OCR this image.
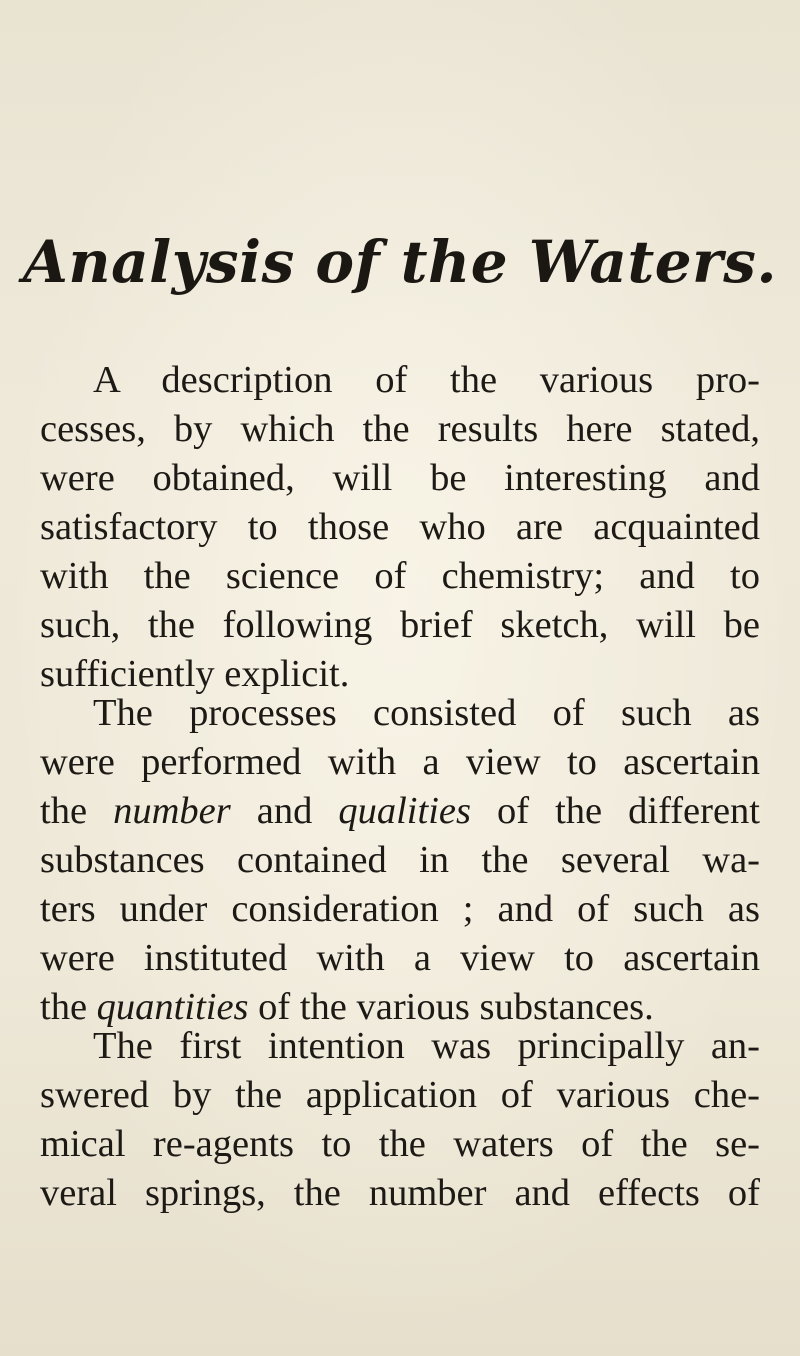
Analysis of the Waters.
A description of the various pro-
cesses, by which the results here stated,
were obtained, will be interesting and
satisfactory to those who are acquainted
with the science of chemistry; and to
such, the following brief sketch, will be
sufficiently explicit.
The processes consisted of such as
were performed with a view to ascertain
the number and qualities of the different
substances contained in the several wa-
ters under consideration ; and of such as
were instituted with a view to ascertain
the quantities of the various substances.
The first intention was principally an-
swered by the application of various che-
mical re-agents to the waters of the se-
veral springs, the number and effects of
